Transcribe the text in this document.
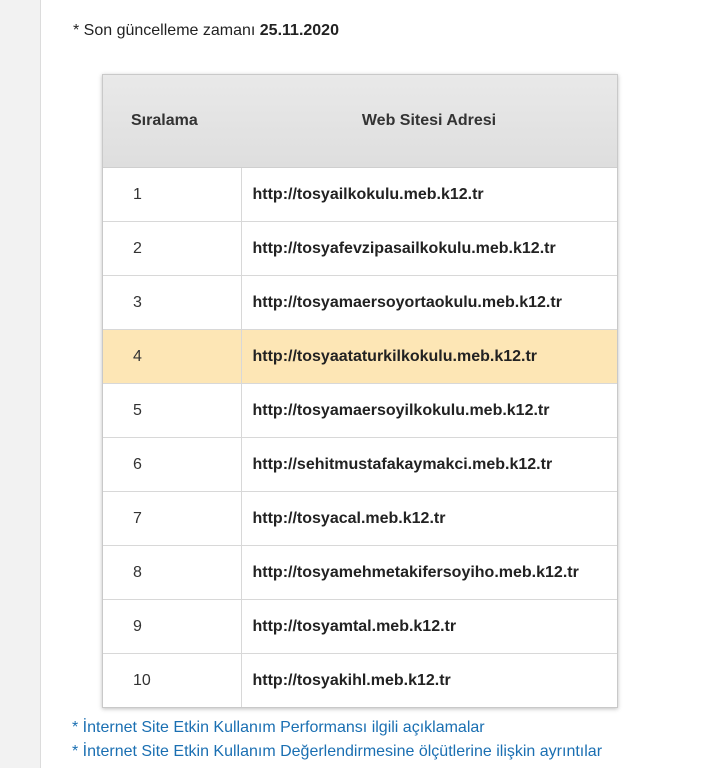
* Son güncelleme zamanı 25.11.2020
Sıralama	Web Sitesi Adresi
1	http://tosyailkokulu.meb.k12.tr
2	http://tosyafevzipasailkokulu.meb.k12.tr
3	http://tosyamaersoyortaokulu.meb.k12.tr
4	http://tosyaataturkilkokulu.meb.k12.tr
5	http://tosyamaersoyilkokulu.meb.k12.tr
6	http://sehitmustafakaymakci.meb.k12.tr
7	http://tosyacal.meb.k12.tr
8	http://tosyamehmetakifersoyiho.meb.k12.tr
9	http://tosyamtal.meb.k12.tr
10	http://tosyakihl.meb.k12.tr
* İnternet Site Etkin Kullanım Performansı ilgili açıklamalar
* İnternet Site Etkin Kullanım Değerlendirmesine ölçütlerine ilişkin ayrıntılar
